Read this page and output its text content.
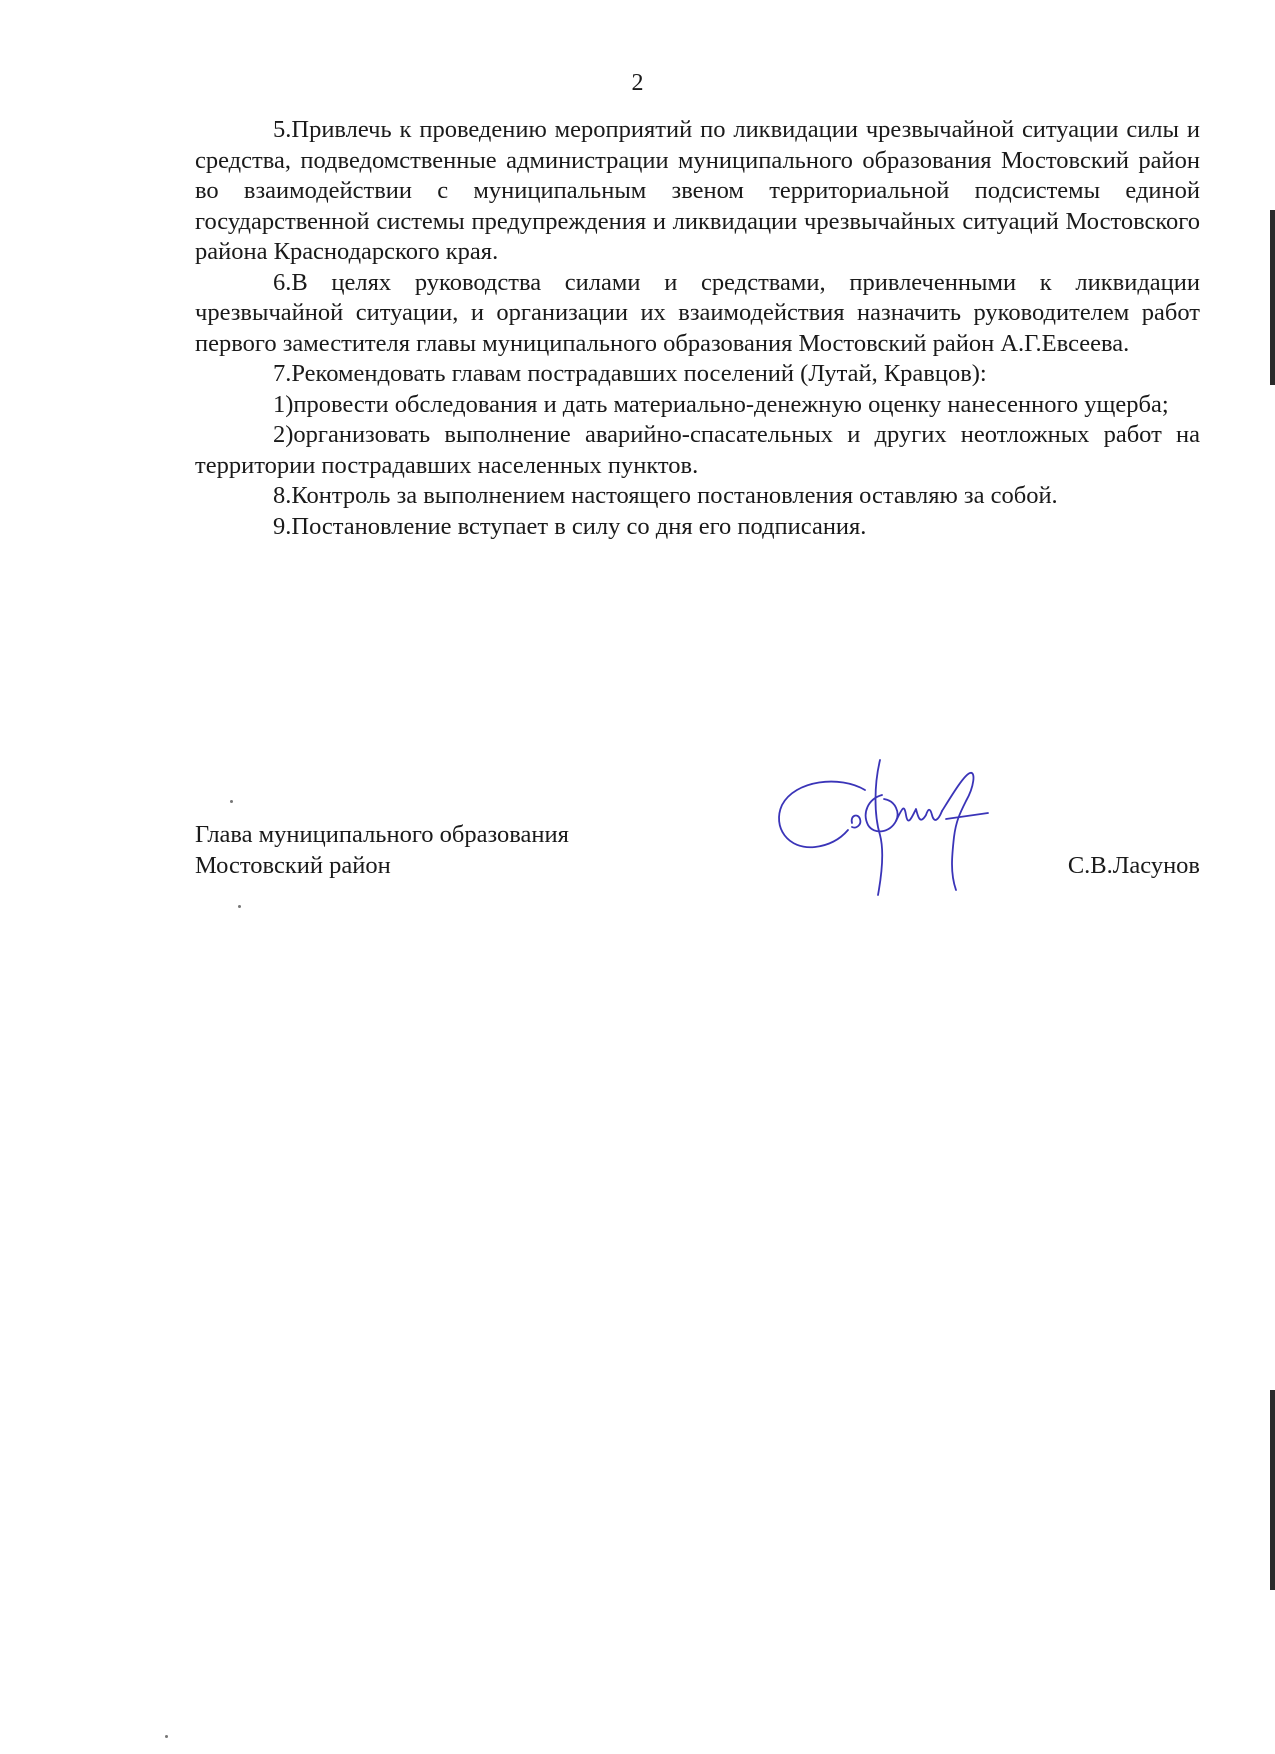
2

5.Привлечь к проведению мероприятий по ликвидации чрезвычайной ситуации силы и средства, подведомственные администрации муниципального образования Мостовский район во взаимодействии с муниципальным звеном территориальной подсистемы единой государственной системы предупреждения и ликвидации чрезвычайных ситуаций Мостовского района Краснодарского края.

6.В целях руководства силами и средствами, привлеченными к ликвидации чрезвычайной ситуации, и организации их взаимодействия назначить руководителем работ первого заместителя главы муниципального образования Мостовский район А.Г.Евсеева.

7.Рекомендовать главам пострадавших поселений (Лутай, Кравцов):

1)провести обследования и дать материально-денежную оценку нанесенного ущерба;

2)организовать выполнение аварийно-спасательных и других неотложных работ на территории пострадавших населенных пунктов.

8.Контроль за выполнением настоящего постановления оставляю за собой.

9.Постановление вступает в силу со дня его подписания.

Глава муниципального образования
Мостовский район	С.В.Ласунов
